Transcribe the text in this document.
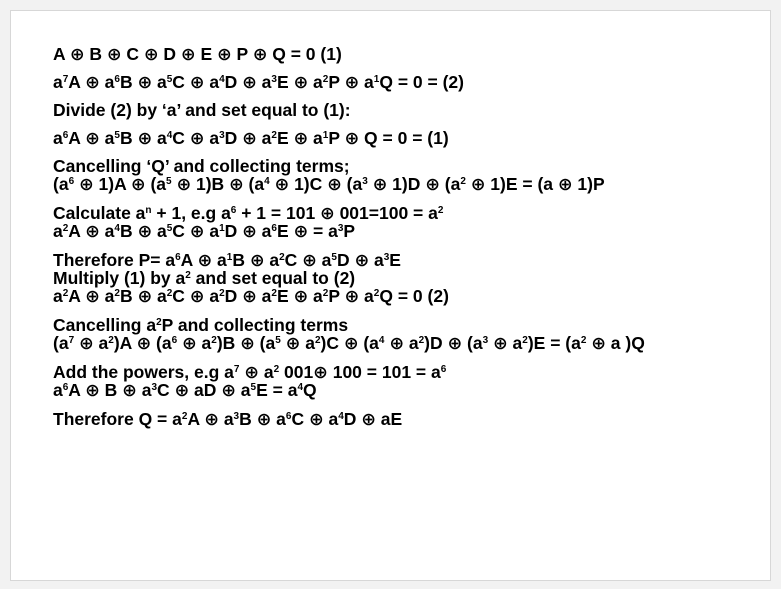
A ⊕ B ⊕ C ⊕ D ⊕ E ⊕ P ⊕ Q = 0 (1)
$a^7A$ ⊕ $a^6B$ ⊕ $a^5C$ ⊕ $a^4D$ ⊕ $a^3E$ ⊕ $a^2P$ ⊕ $a^1Q = 0 = (2)$
Divide (2) by ‘a’ and set equal to (1):
$a^6A$ ⊕ $a^5B$ ⊕ $a^4C$ ⊕ $a^3D$ ⊕ $a^2E$ ⊕ $a^1P$ ⊕ Q = 0 = (1)
Cancelling ‘Q’ and collecting terms;
($a^6$ ⊕ 1)A ⊕ ($a^5$ ⊕ 1)B ⊕ ($a^4$ ⊕ 1)C ⊕ ($a^3$ ⊕ 1)D ⊕ ($a^2$ ⊕ 1)E = (a ⊕ 1)P
Calculate $a^n + 1$, e.g $a^6 + 1 = 101$ ⊕ $001=100 = a^2$
$a^2A$ ⊕ $a^4B$ ⊕ $a^5C$ ⊕ $a^1D$ ⊕ $a^6E$ ⊕ = $a^3P$
Therefore $P= a^6A$ ⊕ $a^1B$ ⊕ $a^2C$ ⊕ $a^5D$ ⊕ $a^3E$
Multiply (1) by $a^2$ and set equal to (2)
$a^2A$ ⊕ $a^2B$ ⊕ $a^2C$ ⊕ $a^2D$ ⊕ $a^2E$ ⊕ $a^2P$ ⊕ $a^2Q = 0$ (2)
Cancelling $a^2P$ and collecting terms
($a^7$ ⊕ $a^2)A$ ⊕ ($a^6$ ⊕ $a^2)B$ ⊕ ($a^5$ ⊕ $a^2)C$ ⊕ ($a^4$ ⊕ $a^2)D$ ⊕ ($a^3$ ⊕ $a^2)E = (a^2$ ⊕ a )Q
Add the powers, e.g $a^7$ ⊕ $a^2$ 001⊕ $100 = 101 = a^6$
$a^6A$ ⊕ B ⊕ $a^3C$ ⊕ aD ⊕ $a^5E = a^4Q$
Therefore $Q = a^2A$ ⊕ $a^3B$ ⊕ $a^6C$ ⊕ $a^4D$ ⊕ aE
